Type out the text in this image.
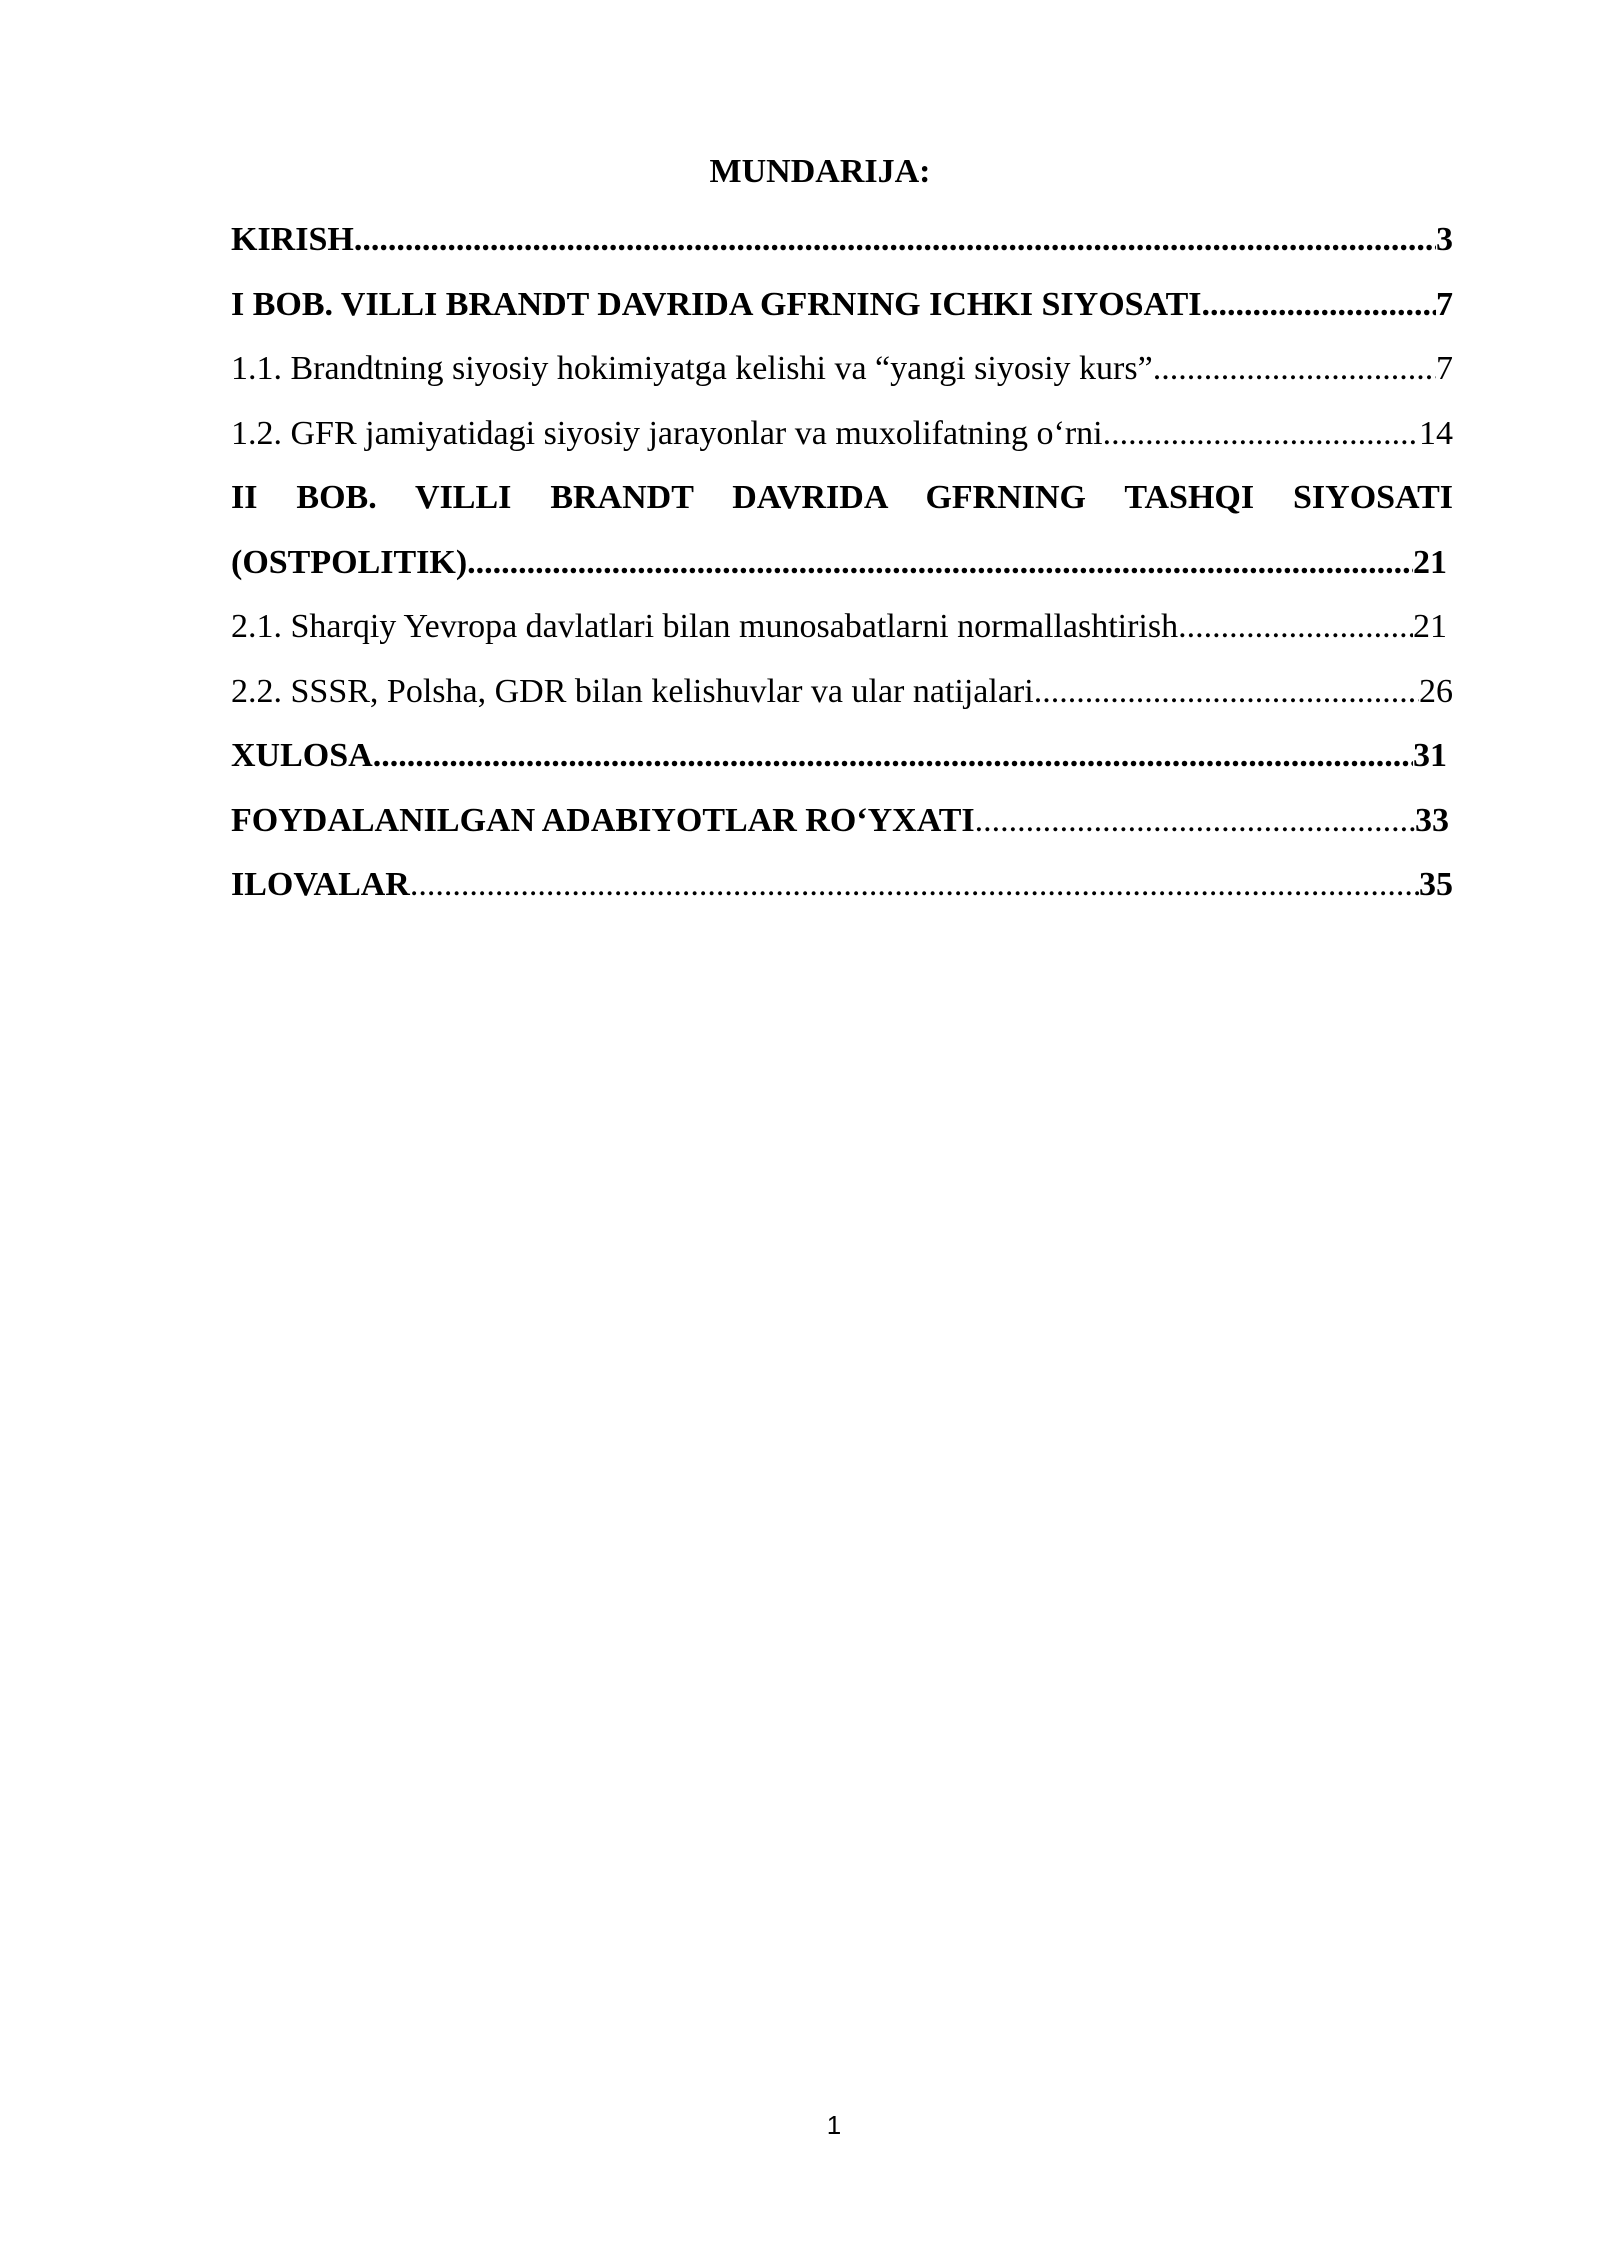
MUNDARIJA:
KIRISH .....	3
I BOB. VILLI BRANDT DAVRIDA GFRNING ICHKI SIYOSATI .....	7
1.1. Brandtning siyosiy hokimiyatga kelishi va “yangi siyosiy kurs” .....	7
1.2. GFR jamiyatidagi siyosiy jarayonlar va muxolifatning o‘rni .....	14
II BOB. VILLI BRANDT DAVRIDA GFRNING TASHQI SIYOSATI
(OSTPOLITIK) .....	21
2.1. Sharqiy Yevropa davlatlari bilan munosabatlarni normallashtirish .....	21
2.2. SSSR, Polsha, GDR bilan kelishuvlar va ular natijalari .....	26
XULOSA .....	31
FOYDALANILGAN ADABIYOTLAR RO‘YXATI .....	33
ILOVALAR .....	35
1
